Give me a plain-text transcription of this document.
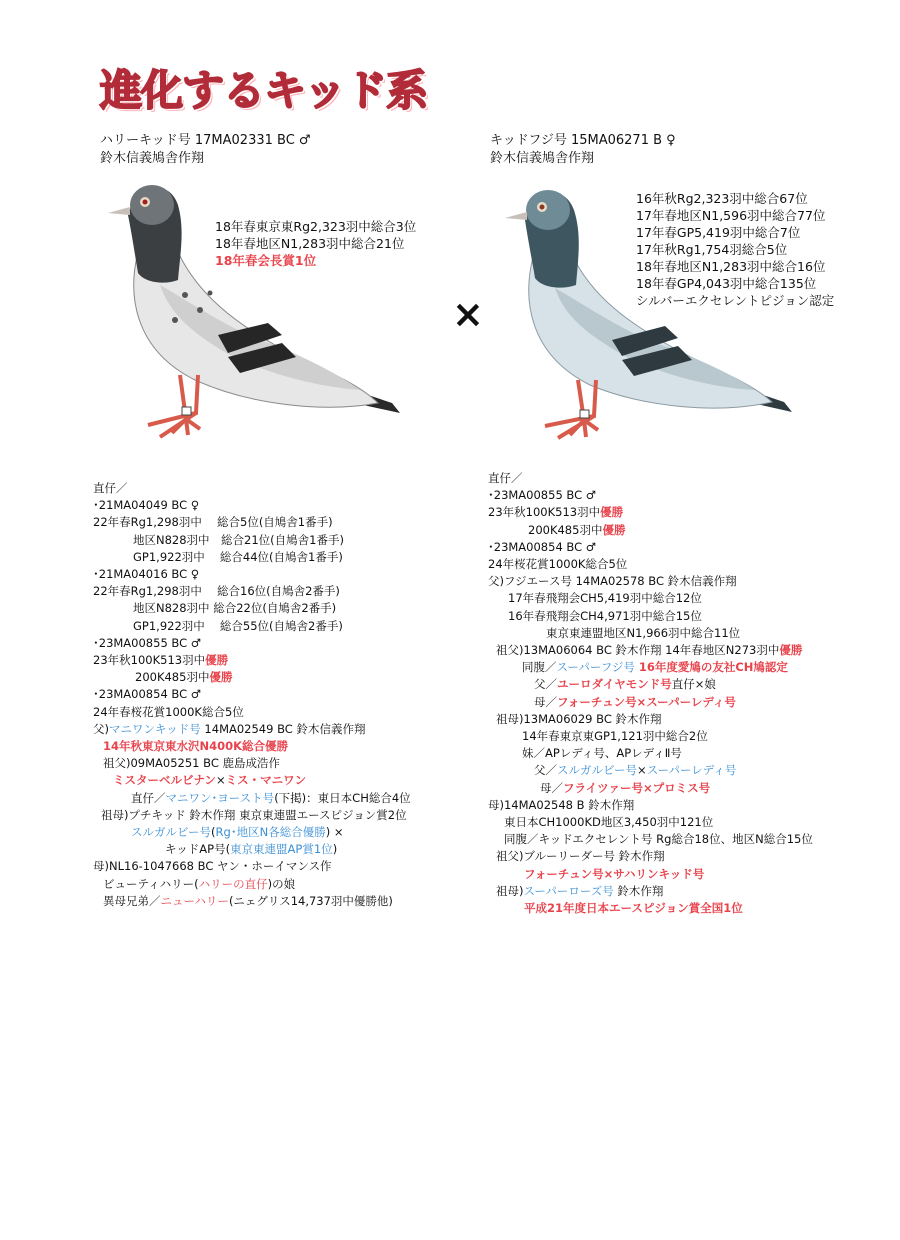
進化するキッド系
ハリーキッド号 17MA02331 BC ♂
鈴木信義鳩舎作翔
キッドフジ号 15MA06271 B ♀
鈴木信義鳩舎作翔
18年春東京東Rg2,323羽中総合3位
18年春地区N1,283羽中総合21位
18年春会長賞1位
×
16年秋Rg2,323羽中総合67位
17年春地区N1,596羽中総合77位
17年春GP5,419羽中総合7位
17年秋Rg1,754羽総合5位
18年春地区N1,283羽中総合16位
18年春GP4,043羽中総合135位
シルバーエクセレントピジョン認定
直仔／
･21MA04049 BC ♀
22年春Rg1,298羽中　 総合5位(自鳩舎1番手)
地区N828羽中　総合21位(自鳩舎1番手)
GP1,922羽中　 総合44位(自鳩舎1番手)
･21MA04016 BC ♀
22年春Rg1,298羽中　 総合16位(自鳩舎2番手)
地区N828羽中 総合22位(自鳩舎2番手)
GP1,922羽中　 総合55位(自鳩舎2番手)
･23MA00855 BC ♂
23年秋100K513羽中優勝
200K485羽中優勝
･23MA00854 BC ♂
24年春桜花賞1000K総合5位
父)マニワンキッド号 14MA02549 BC 鈴木信義作翔
14年秋東京東水沢N400K総合優勝
祖父)09MA05251 BC 鹿島成浩作
ミスターベルビナン×ミス・マニワン
直仔／マニワン･ヨースト号(下掲)：東日本CH総合4位
祖母)プチキッド 鈴木作翔 東京東連盟エースピジョン賞2位
スルガルビー号(Rg･地区N各総合優勝) ×
キッドAP号(東京東連盟AP賞1位)
母)NL16-1047668 BC ヤン・ホーイマンス作
ビューティハリー(ハリーの直仔)の娘
異母兄弟／ニューハリー(ニェグリス14,737羽中優勝他)
直仔／
･23MA00855 BC ♂
23年秋100K513羽中優勝
200K485羽中優勝
･23MA00854 BC ♂
24年桜花賞1000K総合5位
父)フジエース号 14MA02578 BC 鈴木信義作翔
17年春飛翔会CH5,419羽中総合12位
16年春飛翔会CH4,971羽中総合15位
東京東連盟地区N1,966羽中総合11位
祖父)13MA06064 BC 鈴木作翔 14年春地区N273羽中優勝
同腹／スーパーフジ号 16年度愛鳩の友社CH鳩認定
父／ユーロダイヤモンド号直仔×娘
母／フォーチュン号×スーパーレディ号
祖母)13MA06029 BC 鈴木作翔
14年春東京東GP1,121羽中総合2位
妹／APレディ号、APレディⅡ号
父／スルガルビー号×スーパーレディ号
母／フライツァー号×プロミス号
母)14MA02548 B 鈴木作翔
東日本CH1000KD地区3,450羽中121位
同腹／キッドエクセレント号 Rg総合18位、地区N総合15位
祖父)ブルーリーダー号 鈴木作翔
フォーチュン号×サハリンキッド号
祖母)スーパーローズ号 鈴木作翔
平成21年度日本エースピジョン賞全国1位
